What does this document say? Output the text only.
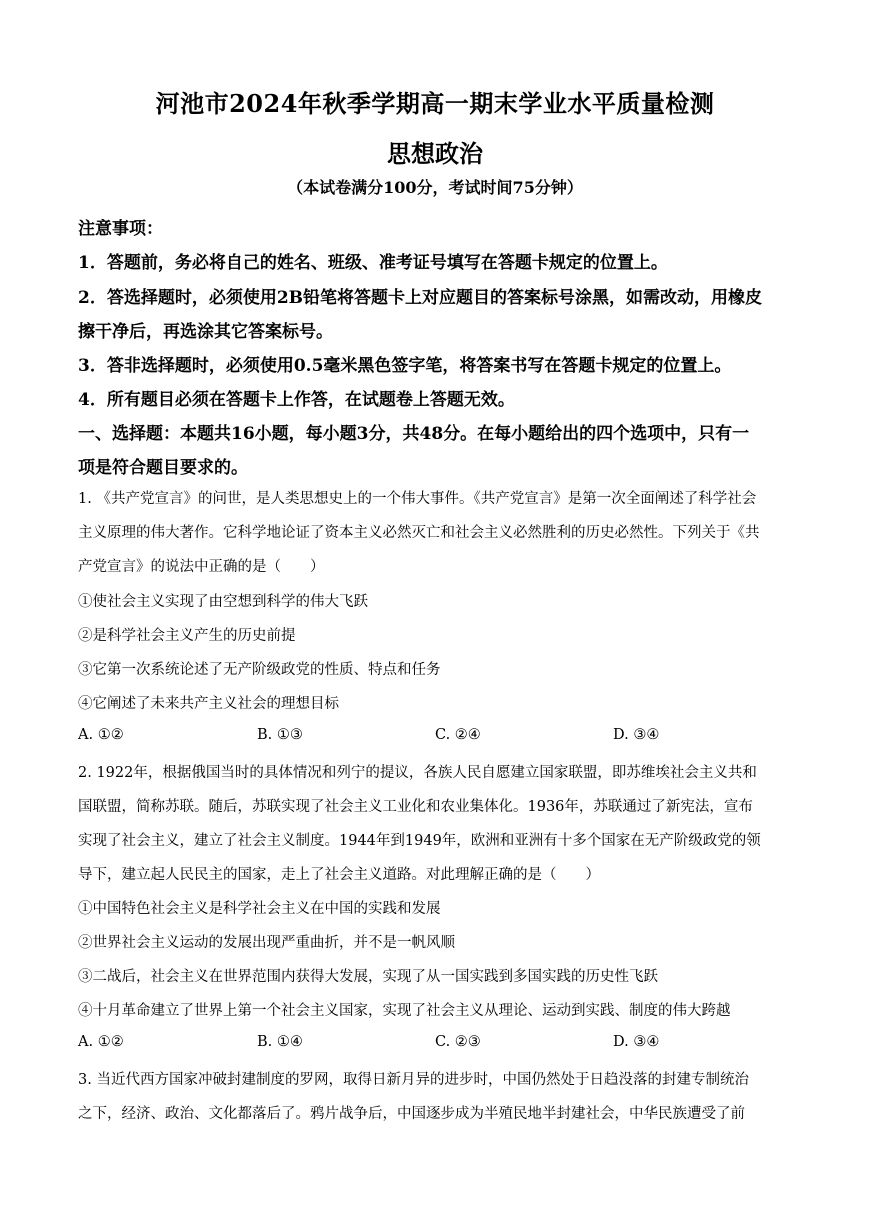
河池市2024年秋季学期高一期末学业水平质量检测
思想政治
（本试卷满分100分，考试时间75分钟）
注意事项：
1．答题前，务必将自己的姓名、班级、准考证号填写在答题卡规定的位置上。
2．答选择题时，必须使用2B铅笔将答题卡上对应题目的答案标号涂黑，如需改动，用橡皮
擦干净后，再选涂其它答案标号。
3．答非选择题时，必须使用0.5毫米黑色签字笔，将答案书写在答题卡规定的位置上。
4．所有题目必须在答题卡上作答，在试题卷上答题无效。
一、选择题：本题共16小题，每小题3分，共48分。在每小题给出的四个选项中，只有一
项是符合题目要求的。
1. 《共产党宣言》的问世，是人类思想史上的一个伟大事件。《共产党宣言》是第一次全面阐述了科学社会
主义原理的伟大著作。它科学地论证了资本主义必然灭亡和社会主义必然胜利的历史必然性。下列关于《共
产党宣言》的说法中正确的是（　　）
①使社会主义实现了由空想到科学的伟大飞跃
②是科学社会主义产生的历史前提
③它第一次系统论述了无产阶级政党的性质、特点和任务
④它阐述了未来共产主义社会的理想目标
A. ①②	B. ①③	C. ②④	D. ③④
2. 1922年，根据俄国当时的具体情况和列宁的提议，各族人民自愿建立国家联盟，即苏维埃社会主义共和
国联盟，简称苏联。随后，苏联实现了社会主义工业化和农业集体化。1936年，苏联通过了新宪法，宣布
实现了社会主义，建立了社会主义制度。1944年到1949年，欧洲和亚洲有十多个国家在无产阶级政党的领
导下，建立起人民民主的国家，走上了社会主义道路。对此理解正确的是（　　）
①中国特色社会主义是科学社会主义在中国的实践和发展
②世界社会主义运动的发展出现严重曲折，并不是一帆风顺
③二战后，社会主义在世界范围内获得大发展，实现了从一国实践到多国实践的历史性飞跃
④十月革命建立了世界上第一个社会主义国家，实现了社会主义从理论、运动到实践、制度的伟大跨越
A. ①②	B. ①④	C. ②③	D. ③④
3. 当近代西方国家冲破封建制度的罗网，取得日新月异的进步时，中国仍然处于日趋没落的封建专制统治
之下，经济、政治、文化都落后了。鸦片战争后，中国逐步成为半殖民地半封建社会，中华民族遭受了前
